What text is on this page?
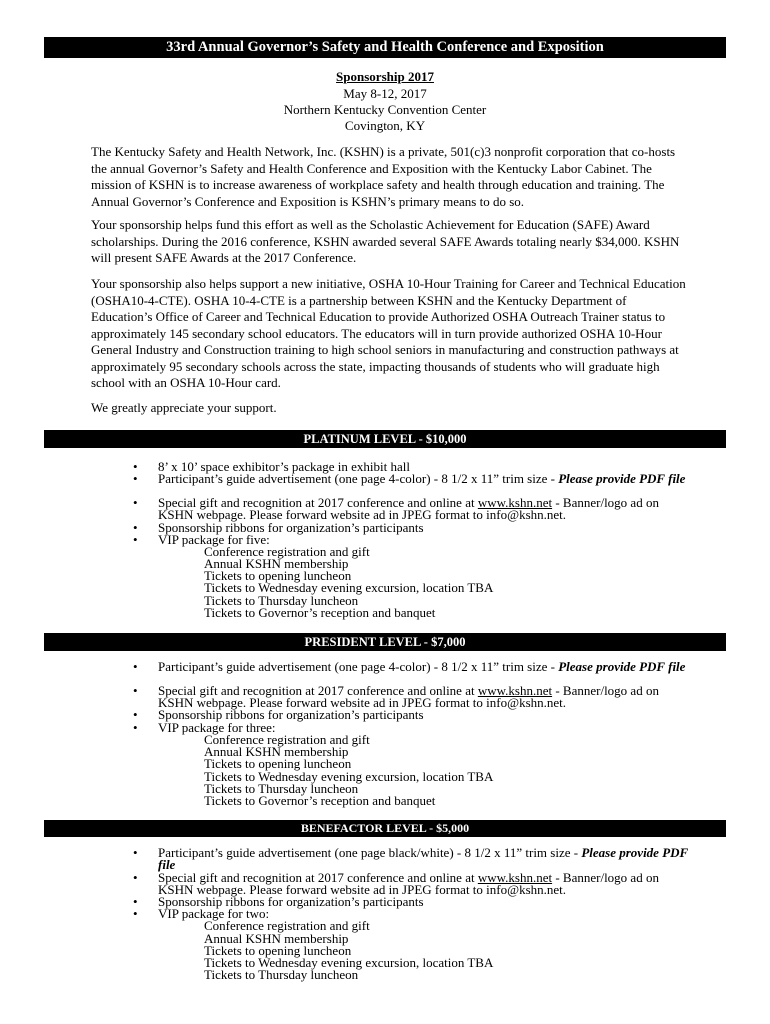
33rd Annual Governor’s Safety and Health Conference and Exposition
Sponsorship 2017
May 8-12, 2017
Northern Kentucky Convention Center
Covington, KY

The Kentucky Safety and Health Network, Inc. (KSHN) is a private, 501(c)3 nonprofit corporation that co-hosts the annual Governor’s Safety and Health Conference and Exposition with the Kentucky Labor Cabinet. The mission of KSHN is to increase awareness of workplace safety and health through education and training. The Annual Governor’s Conference and Exposition is KSHN’s primary means to do so.

Your sponsorship helps fund this effort as well as the Scholastic Achievement for Education (SAFE) Award scholarships. During the 2016 conference, KSHN awarded several SAFE Awards totaling nearly $34,000. KSHN will present SAFE Awards at the 2017 Conference.

Your sponsorship also helps support a new initiative, OSHA 10-Hour Training for Career and Technical Education (OSHA10-4-CTE). OSHA 10-4-CTE is a partnership between KSHN and the Kentucky Department of Education’s Office of Career and Technical Education to provide Authorized OSHA Outreach Trainer status to approximately 145 secondary school educators. The educators will in turn provide authorized OSHA 10-Hour General Industry and Construction training to high school seniors in manufacturing and construction pathways at approximately 95 secondary schools across the state, impacting thousands of students who will graduate high school with an OSHA 10-Hour card.

We greatly appreciate your support.

PLATINUM LEVEL - $10,000
• 8’ x 10’ space exhibitor’s package in exhibit hall
• Participant’s guide advertisement (one page 4-color) - 8 1/2 x 11” trim size - Please provide PDF file
• Special gift and recognition at 2017 conference and online at www.kshn.net - Banner/logo ad on KSHN webpage. Please forward website ad in JPEG format to info@kshn.net.
• Sponsorship ribbons for organization’s participants
• VIP package for five:
Conference registration and gift
Annual KSHN membership
Tickets to opening luncheon
Tickets to Wednesday evening excursion, location TBA
Tickets to Thursday luncheon
Tickets to Governor’s reception and banquet
PRESIDENT LEVEL - $7,000
• Participant’s guide advertisement (one page 4-color) - 8 1/2 x 11” trim size - Please provide PDF file
• Special gift and recognition at 2017 conference and online at www.kshn.net - Banner/logo ad on KSHN webpage. Please forward website ad in JPEG format to info@kshn.net.
• Sponsorship ribbons for organization’s participants
• VIP package for three:
Conference registration and gift
Annual KSHN membership
Tickets to opening luncheon
Tickets to Wednesday evening excursion, location TBA
Tickets to Thursday luncheon
Tickets to Governor’s reception and banquet
BENEFACTOR LEVEL - $5,000
• Participant’s guide advertisement (one page black/white) - 8 1/2 x 11” trim size - Please provide PDF file
• Special gift and recognition at 2017 conference and online at www.kshn.net - Banner/logo ad on KSHN webpage. Please forward website ad in JPEG format to info@kshn.net.
• Sponsorship ribbons for organization’s participants
• VIP package for two:
Conference registration and gift
Annual KSHN membership
Tickets to opening luncheon
Tickets to Wednesday evening excursion, location TBA
Tickets to Thursday luncheon
